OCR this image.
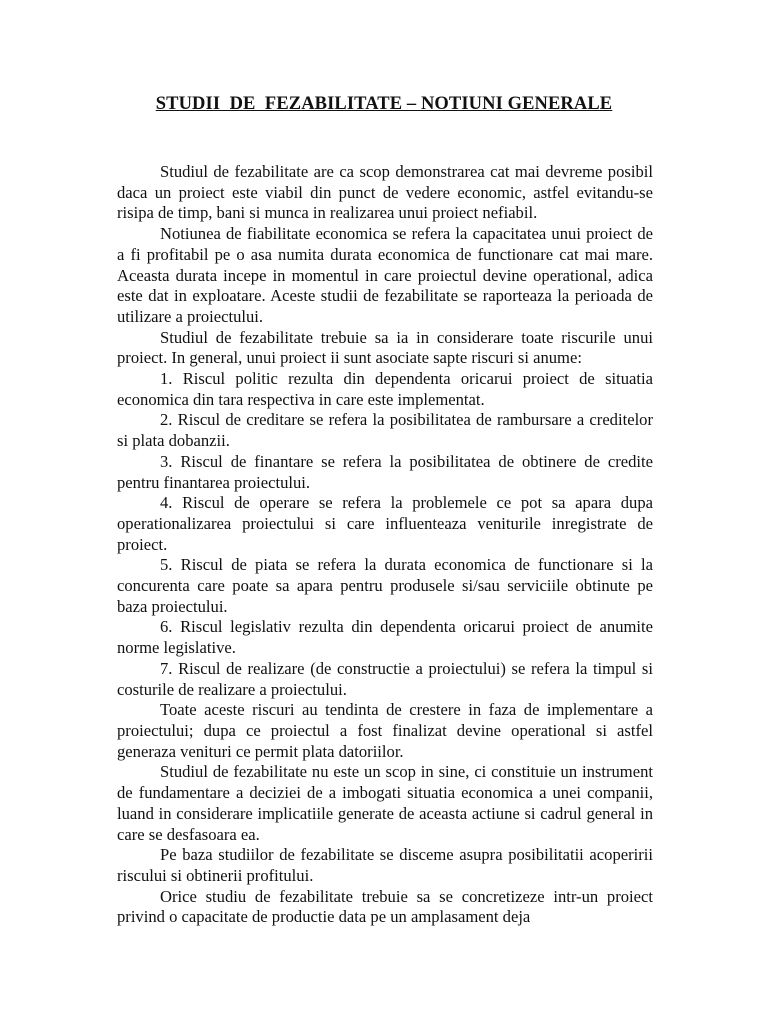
STUDII  DE  FEZABILITATE – NOTIUNI GENERALE

Studiul de fezabilitate are ca scop demonstrarea cat mai devreme posibil daca un proiect este viabil din punct de vedere economic, astfel evitandu-se risipa de timp, bani si munca in realizarea unui proiect nefiabil.

Notiunea de fiabilitate economica se refera la capacitatea unui proiect de a fi profitabil pe o asa numita durata economica de functionare cat mai mare. Aceasta durata incepe in momentul in care proiectul devine operational, adica este dat in exploatare. Aceste studii de fezabilitate se raporteaza la perioada de utilizare a proiectului.

Studiul de fezabilitate trebuie sa ia in considerare toate riscurile unui proiect. In general, unui proiect ii sunt asociate sapte riscuri si anume:

1. Riscul politic rezulta din dependenta oricarui proiect de situatia economica din tara respectiva in care este implementat.

2. Riscul de creditare se refera la posibilitatea de rambursare a creditelor si plata dobanzii.

3. Riscul de finantare se refera la posibilitatea de obtinere de credite pentru finantarea proiectului.

4. Riscul de operare se refera la problemele ce pot sa apara dupa operationalizarea proiectului si care influenteaza veniturile inregistrate de proiect.

5. Riscul de piata se refera la durata economica de functionare si la concurenta care poate sa apara pentru produsele si/sau serviciile obtinute pe baza proiectului.

6. Riscul legislativ rezulta din dependenta oricarui proiect de anumite norme legislative.

7. Riscul de realizare (de constructie a proiectului) se refera la timpul si costurile de realizare a proiectului.

Toate aceste riscuri au tendinta de crestere in faza de implementare a proiectului; dupa ce proiectul a fost finalizat devine operational si astfel generaza venituri ce permit plata datoriilor.

Studiul de fezabilitate nu este un scop in sine, ci constituie un instrument de fundamentare a deciziei de a imbogati situatia economica a unei companii, luand in considerare implicatiile generate de aceasta actiune si cadrul general in care se desfasoara ea.

Pe baza studiilor de fezabilitate se disceme asupra posibilitatii acoperirii riscului si obtinerii profitului.

Orice studiu de fezabilitate trebuie sa se concretizeze intr-un proiect privind o capacitate de productie data pe un amplasament deja
